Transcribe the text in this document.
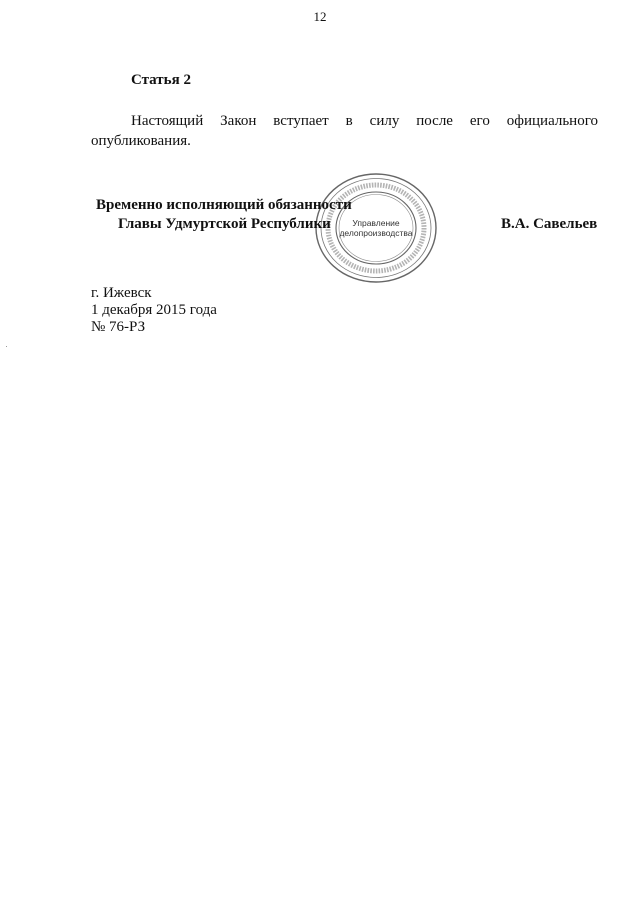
12
Статья 2

Настоящий Закон вступает в силу после его официального опубликования.

Управление
делопроизводства
Временно исполняющий обязанности
Главы Удмуртской Республики	В.А. Савельев
г. Ижевск
1 декабря 2015 года
№ 76-РЗ
